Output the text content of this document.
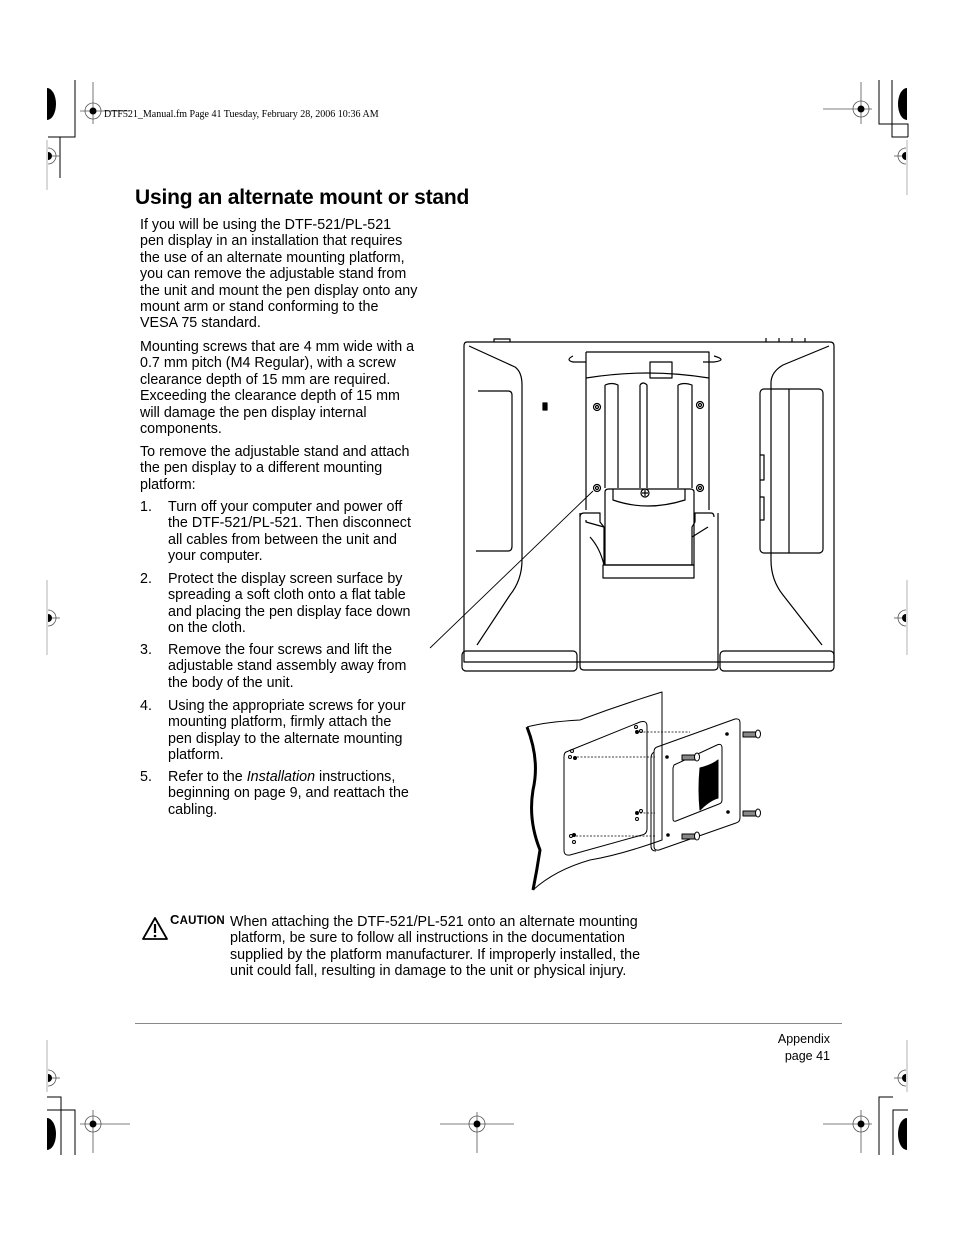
DTF521_Manual.fm Page 41 Tuesday, February 28, 2006 10:36 AM
Using an alternate mount or stand
If you will be using the DTF-521/PL-521
pen display in an installation that requires
the use of an alternate mounting platform,
you can remove the adjustable stand from
the unit and mount the pen display onto any
mount arm or stand conforming to the
VESA 75 standard.
Mounting screws that are 4 mm wide with a
0.7 mm pitch (M4 Regular), with a screw
clearance depth of 15 mm are required.
Exceeding the clearance depth of 15 mm
will damage the pen display internal
components.
To remove the adjustable stand and attach
the pen display to a different mounting
platform:
1.	Turn off your computer and power off
the DTF-521/PL-521. Then disconnect
all cables from between the unit and
your computer.
2.	Protect the display screen surface by
spreading a soft cloth onto a flat table
and placing the pen display face down
on the cloth.
3.	Remove the four screws and lift the
adjustable stand assembly away from
the body of the unit.
4.	Using the appropriate screws for your
mounting platform, firmly attach the
pen display to the alternate mounting
platform.
5.	Refer to the Installation instructions,
beginning on page 9, and reattach the
cabling.
CAUTION When attaching the DTF-521/PL-521 onto an alternate mounting
platform, be sure to follow all instructions in the documentation
supplied by the platform manufacturer. If improperly installed, the
unit could fall, resulting in damage to the unit or physical injury.
Appendix
page 41
